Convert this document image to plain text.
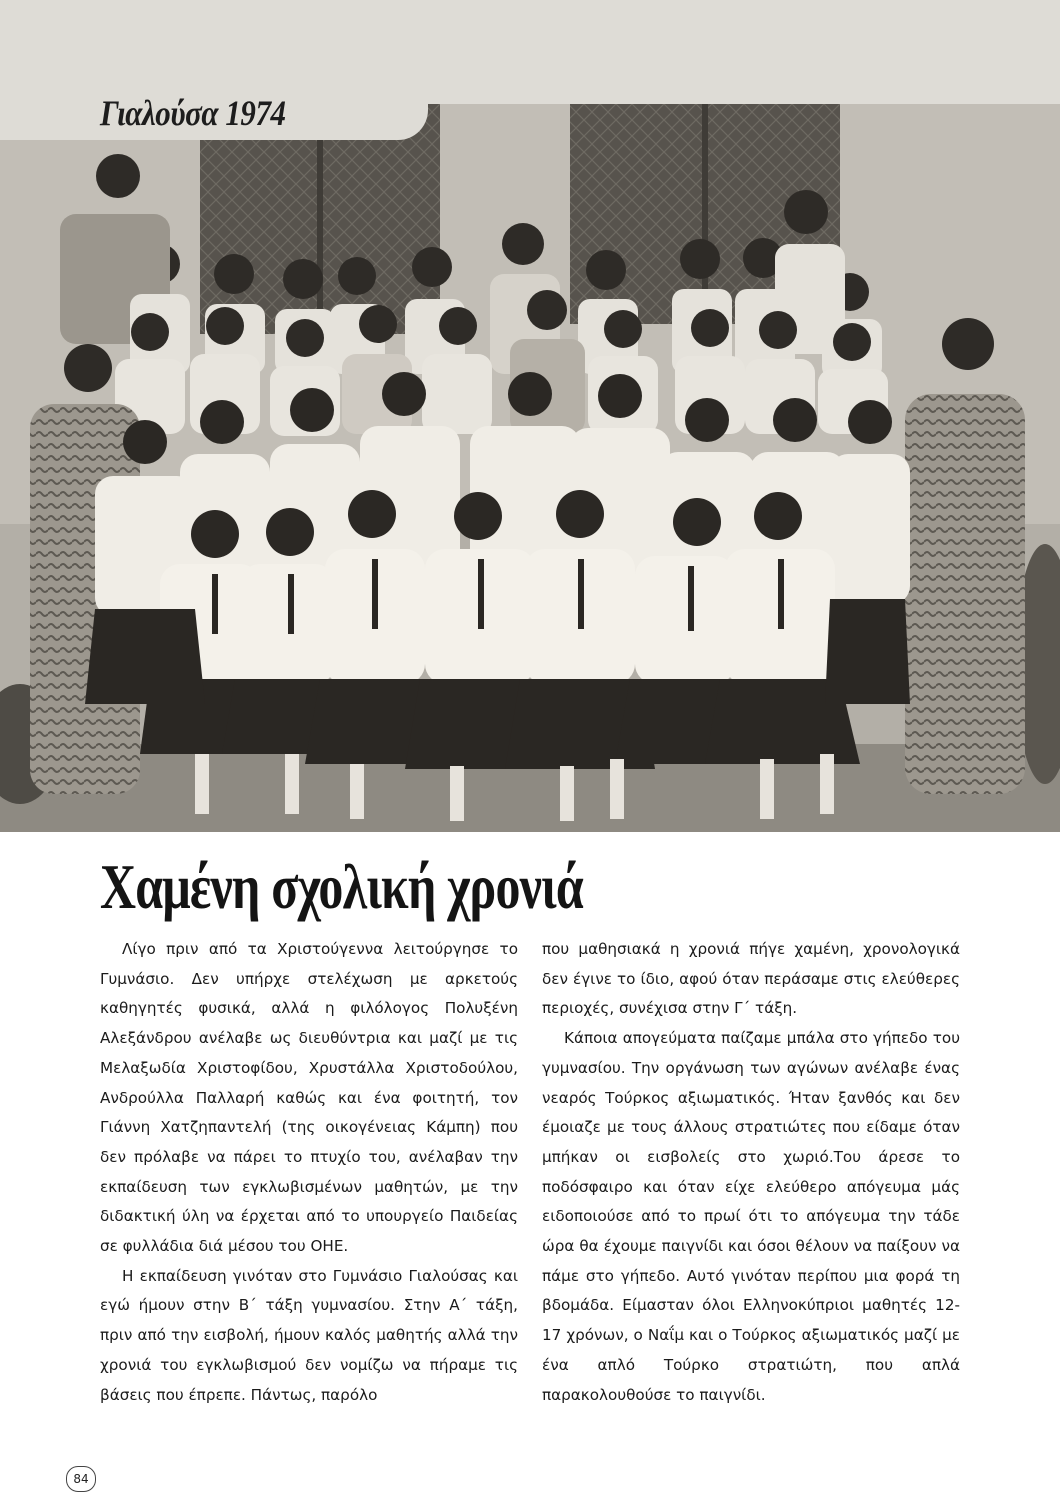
Γιαλούσα 1974
Χαμένη σχολική χρονιά

Λίγο πριν από τα Χριστούγεννα λειτούργησε το Γυμνάσιο. Δεν υπήρχε στελέχωση με αρκετούς καθηγητές φυσικά, αλλά η φιλόλογος Πολυξένη Αλεξάνδρου ανέλαβε ως διευθύντρια και μαζί με τις Μελαξωδία Χριστοφίδου, Χρυστάλλα Χριστοδούλου, Ανδρούλλα Παλλαρή καθώς και ένα φοιτητή, τον Γιάννη Χατζηπαντελή (της οικογένειας Κάμπη) που δεν πρόλαβε να πάρει το πτυχίο του, ανέλαβαν την εκπαίδευση των εγκλωβισμένων μαθητών, με την διδακτική ύλη να έρχεται από το υπουργείο Παιδείας σε φυλλάδια διά μέσου του ΟΗΕ.

Η εκπαίδευση γινόταν στο Γυμνάσιο Γιαλούσας και εγώ ήμουν στην Β΄ τάξη γυμνασίου. Στην Α΄ τάξη, πριν από την εισβολή, ήμουν καλός μαθητής αλλά την χρονιά του εγκλωβισμού δεν νομίζω να πήραμε τις βάσεις που έπρεπε. Πάντως, παρόλο

που μαθησιακά η χρονιά πήγε χαμένη, χρονολογικά δεν έγινε το ίδιο, αφού όταν περάσαμε στις ελεύθερες περιοχές, συνέχισα στην Γ΄ τάξη.

Κάποια απογεύματα παίζαμε μπάλα στο γήπεδο του γυμνασίου. Την οργάνωση των αγώνων ανέλαβε ένας νεαρός Τούρκος αξιωματικός. Ήταν ξανθός και δεν έμοιαζε με τους άλλους στρατιώτες που είδαμε όταν μπήκαν οι εισβολείς στο χωριό.Του άρεσε το ποδόσφαιρο και όταν είχε ελεύθερο απόγευμα μάς ειδοποιούσε από το πρωί ότι το απόγευμα την τάδε ώρα θα έχουμε παιγνίδι και όσοι θέλουν να παίξουν να πάμε στο γήπεδο. Αυτό γινόταν περίπου μια φορά τη βδομάδα. Είμασταν όλοι Ελληνοκύπριοι μαθητές 12-17 χρόνων, ο Ναΐμ και ο Τούρκος αξιωματικός μαζί με ένα απλό Τούρκο στρατιώτη, που απλά παρακολουθούσε το παιγνίδι.

84
